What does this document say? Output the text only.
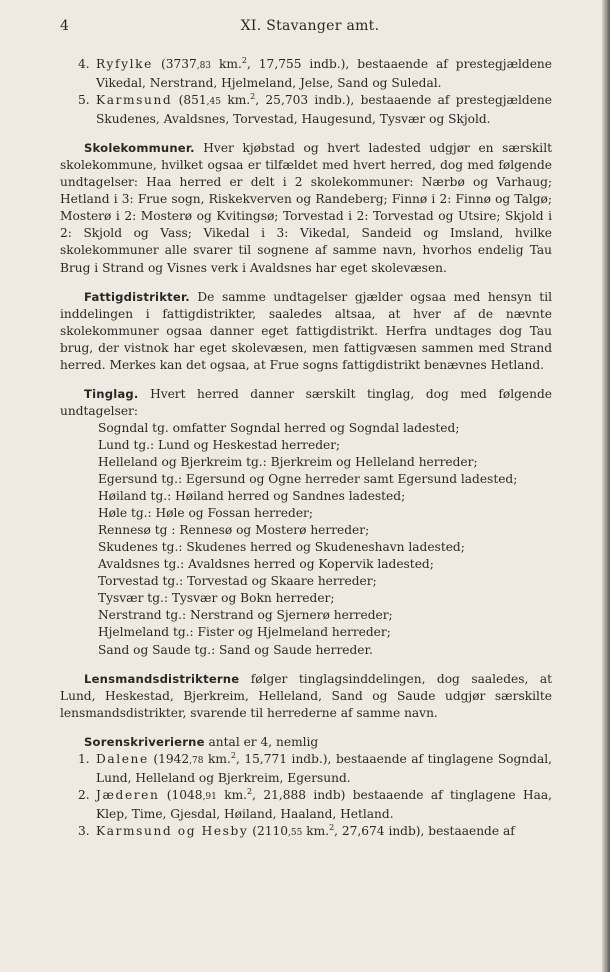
4	XI. Stavanger amt.
4. Ryfylke (3737,83 km.$^2$, 17,755 indb.), bestaaende af prestegjældene Vikedal, Nerstrand, Hjelmeland, Jelse, Sand og Suledal.
5. Karmsund (851,45 km.$^2$, 25,703 indb.), bestaaende af prestegjældene Skudenes, Avaldsnes, Torvestad, Haugesund, Tysvær og Skjold.
Skolekommuner. Hver kjøbstad og hvert ladested udgjør en særskilt skolekommune, hvilket ogsaa er tilfældet med hvert herred, dog med følgende undtagelser: Haa herred er delt i 2 skolekommuner: Nærbø og Varhaug; Hetland i 3: Frue sogn, Riskekverven og Randeberg; Finnø i 2: Finnø og Talgø; Mosterø i 2: Mosterø og Kvitingsø; Torvestad i 2: Torvestad og Utsire; Skjold i 2: Skjold og Vass; Vikedal i 3: Vikedal, Sandeid og Imsland, hvilke skolekommuner alle svarer til sognene af samme navn, hvorhos endelig Tau Brug i Strand og Visnes verk i Avaldsnes har eget skolevæsen.
Fattigdistrikter. De samme undtagelser gjælder ogsaa med hensyn til inddelingen i fattigdistrikter, saaledes altsaa, at hver af de nævnte skolekommuner ogsaa danner eget fattigdistrikt. Herfra undtages dog Tau brug, der vistnok har eget skolevæsen, men fattigvæsen sammen med Strand herred. Merkes kan det ogsaa, at Frue sogns fattigdistrikt benævnes Hetland.
Tinglag. Hvert herred danner særskilt tinglag, dog med følgende undtagelser:
Sogndal tg. omfatter Sogndal herred og Sogndal ladested;
Lund tg.: Lund og Heskestad herreder;
Helleland og Bjerkreim tg.: Bjerkreim og Helleland herreder;
Egersund tg.: Egersund og Ogne herreder samt Egersund ladested;
Høiland tg.: Høiland herred og Sandnes ladested;
Høle tg.: Høle og Fossan herreder;
Rennesø tg : Rennesø og Mosterø herreder;
Skudenes tg.: Skudenes herred og Skudeneshavn ladested;
Avaldsnes tg.: Avaldsnes herred og Kopervik ladested;
Torvestad tg.: Torvestad og Skaare herreder;
Tysvær tg.: Tysvær og Bokn herreder;
Nerstrand tg.: Nerstrand og Sjernerø herreder;
Hjelmeland tg.: Fister og Hjelmeland herreder;
Sand og Saude tg.: Sand og Saude herreder.
Lensmandsdistrikterne følger tinglagsinddelingen, dog saaledes, at Lund, Heskestad, Bjerkreim, Helleland, Sand og Saude udgjør særskilte lensmandsdistrikter, svarende til herrederne af samme navn.
Sorenskriverierne antal er 4, nemlig
1. Dalene (1942,78 km.$^2$, 15,771 indb.), bestaaende af tinglagene Sogndal, Lund, Helleland og Bjerkreim, Egersund.
2. Jæderen (1048,91 km.$^2$, 21,888 indb) bestaaende af tinglagene Haa, Klep, Time, Gjesdal, Høiland, Haaland, Hetland.
3. Karmsund og Hesby (2110,55 km.$^2$, 27,674 indb), bestaaende af
